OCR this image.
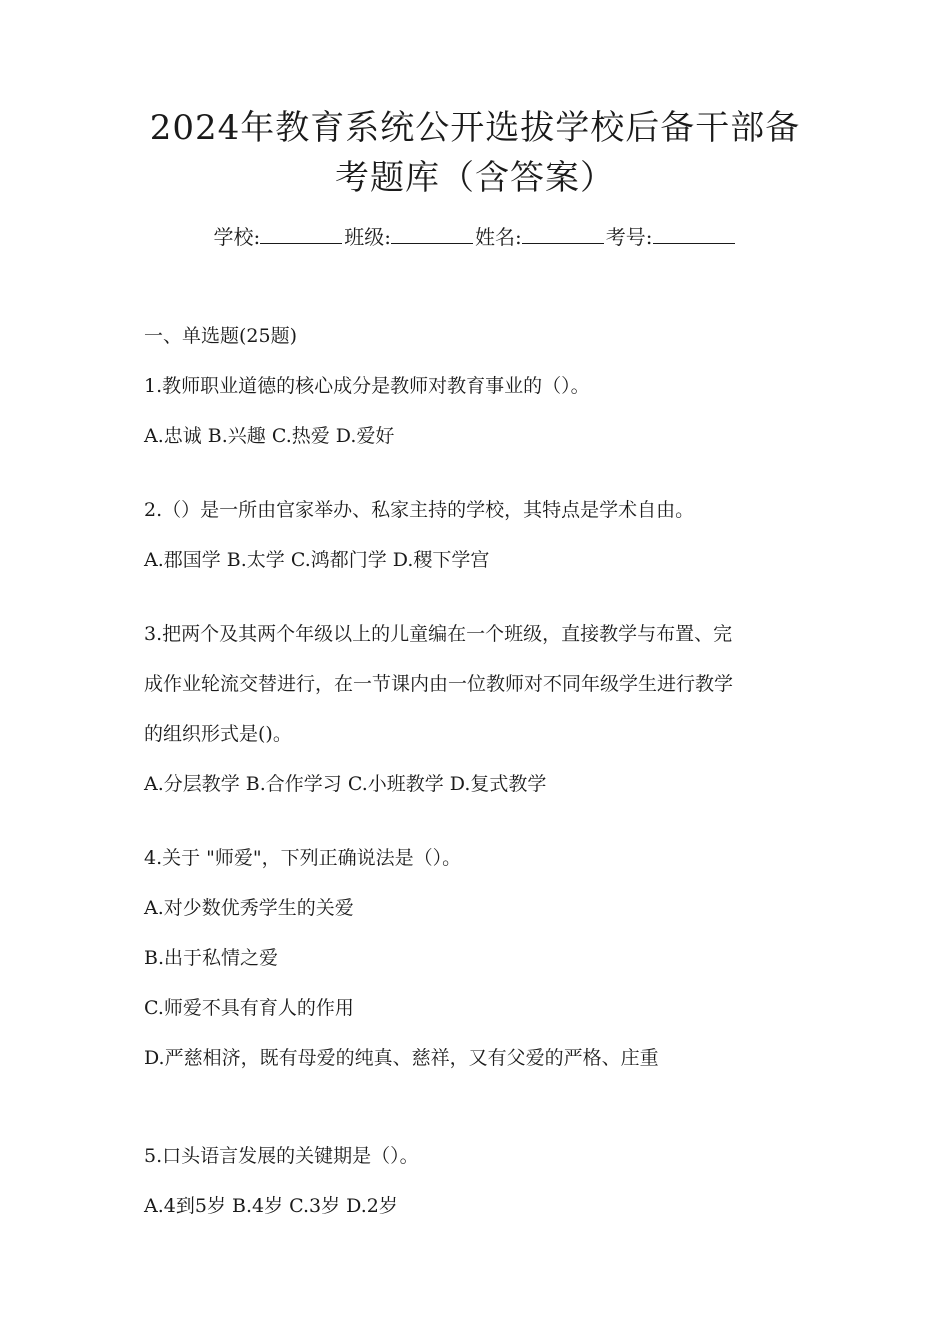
2024年教育系统公开选拔学校后备干部备
考题库（含答案）
学校:	班级:	姓名:	考号:
一、单选题(25题)
1.教师职业道德的核心成分是教师对教育事业的（）。
A.忠诚 B.兴趣 C.热爱 D.爱好
2.（）是一所由官家举办、私家主持的学校，其特点是学术自由。
A.郡国学 B.太学 C.鸿都门学 D.稷下学宫
3.把两个及其两个年级以上的儿童编在一个班级，直接教学与布置、完
成作业轮流交替进行，在一节课内由一位教师对不同年级学生进行教学
的组织形式是()。
A.分层教学 B.合作学习 C.小班教学 D.复式教学
4.关于 "师爱"，下列正确说法是（）。
A.对少数优秀学生的关爱
B.出于私情之爱
C.师爱不具有育人的作用
D.严慈相济，既有母爱的纯真、慈祥，又有父爱的严格、庄重
5.口头语言发展的关键期是（）。
A.4到5岁 B.4岁 C.3岁 D.2岁
